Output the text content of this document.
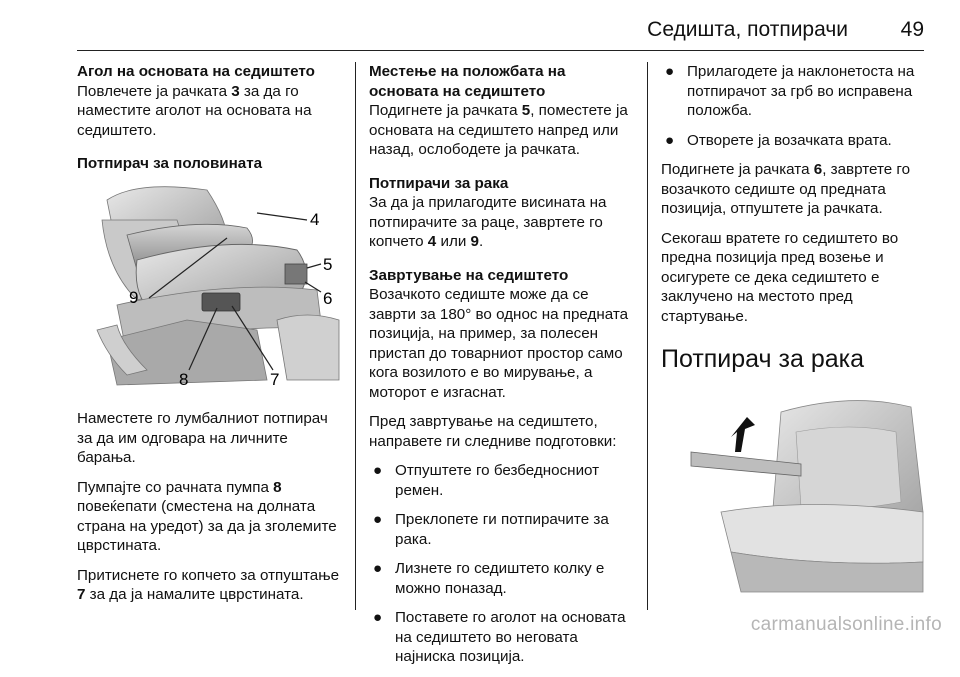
Седишта, потпирачи	49

Агол на основата на седиштето

Повлечете ја рачката 3 за да го наместите аголот на основата на седиштето.

Потпирач за половината

4
5
6
7
8
9

Наместете го лумбалниот потпирач за да им одговара на личните барања.

Пумпајте со рачната пумпа 8 повеќепати (сместена на долната страна на уредот) за да ја зголемите цврстината.

Притиснете го копчето за отпуштање 7 за да ја намалите цврстината.

Местење на положбата на основата на седиштето

Подигнете ја рачката 5, поместете ја основата на седиштето напред или назад, ослободете ја рачката.

Потпирачи за рака

За да ја прилагодите висината на потпирачите за раце, завртете го копчето 4 или 9.

Завртување на седиштето

Возачкото седиште може да се заврти за 180° во однос на предната позиција, на пример, за полесен пристап до товарниот простор само кога возилото е во мирување, а моторот е изгаснат.

Пред завртување на седиштето, направете ги следниве подготовки:

● Отпуштете го безбедносниот ремен.
● Преклопете ги потпирачите за рака.
● Лизнете го седиштето колку е можно поназад.
● Поставете го аголот на основата на седиштето во неговата најниска позиција.
● Прилагодете ја наклонетоста на потпирачот за грб во исправена положба.
● Отворете ја возачката врата.

Подигнете ја рачката 6, завртете го возачкото седиште од предната позиција, отпуштете ја рачката.

Секогаш вратете го седиштето во предна позиција пред возење и осигурете се дека седиштето е заклучено на местото пред стартување.

Потпирач за рака
carmanualsonline.info
